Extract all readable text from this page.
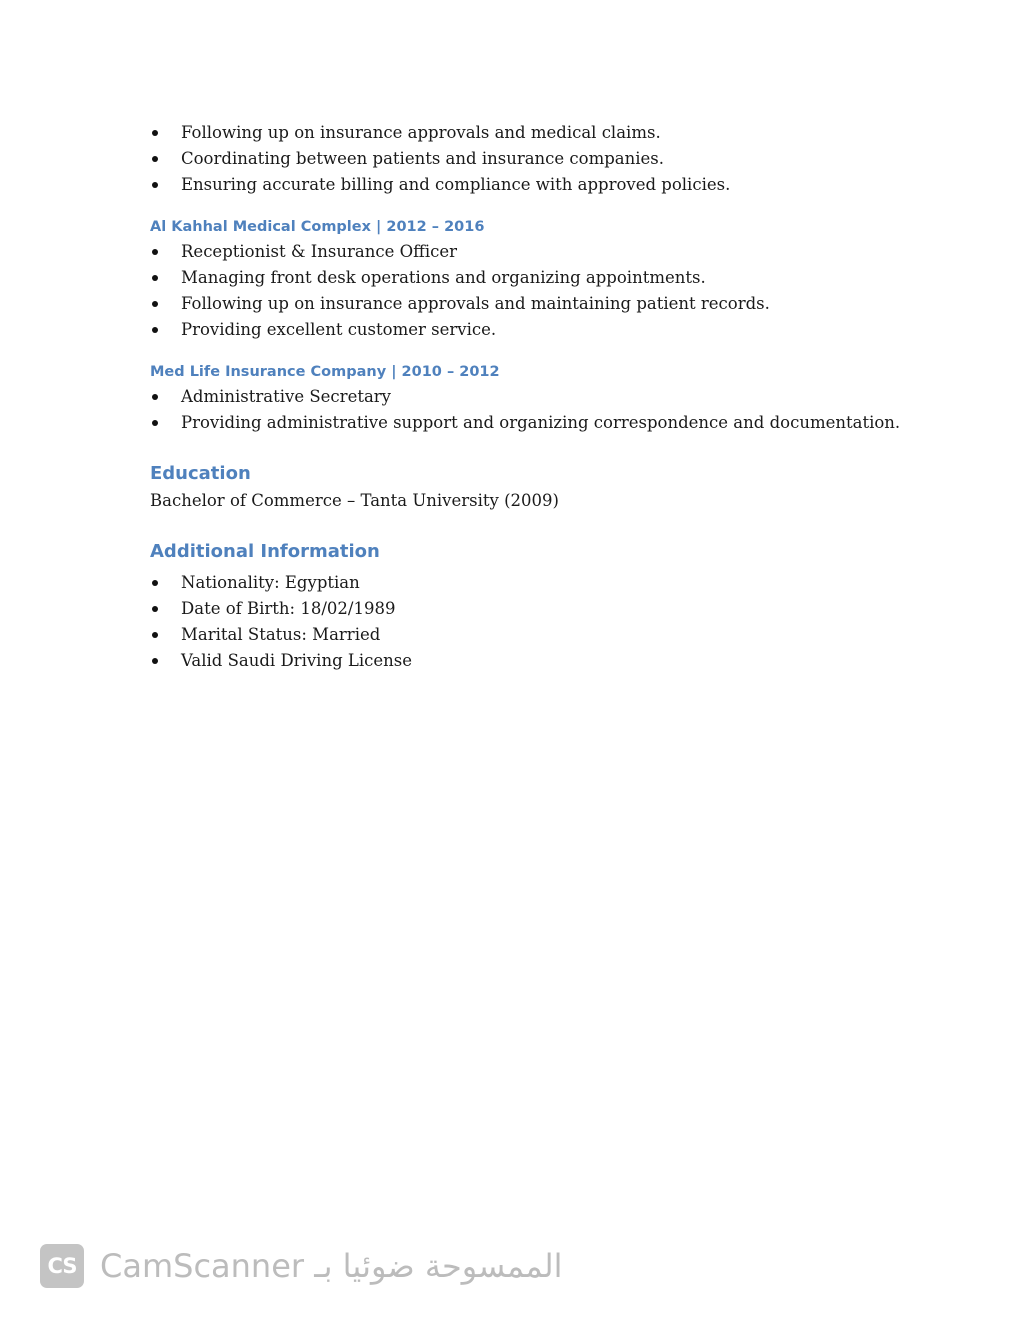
Following up on insurance approvals and medical claims.
Coordinating between patients and insurance companies.
Ensuring accurate billing and compliance with approved policies.
Al Kahhal Medical Complex | 2012 – 2016
Receptionist & Insurance Officer
Managing front desk operations and organizing appointments.
Following up on insurance approvals and maintaining patient records.
Providing excellent customer service.
Med Life Insurance Company | 2010 – 2012
Administrative Secretary
Providing administrative support and organizing correspondence and documentation.
Education
Bachelor of Commerce – Tanta University (2009)
Additional Information
Nationality: Egyptian
Date of Birth: 18/02/1989
Marital Status: Married
Valid Saudi Driving License
CS CamScanner الممسوحة ضوئيا بـ
